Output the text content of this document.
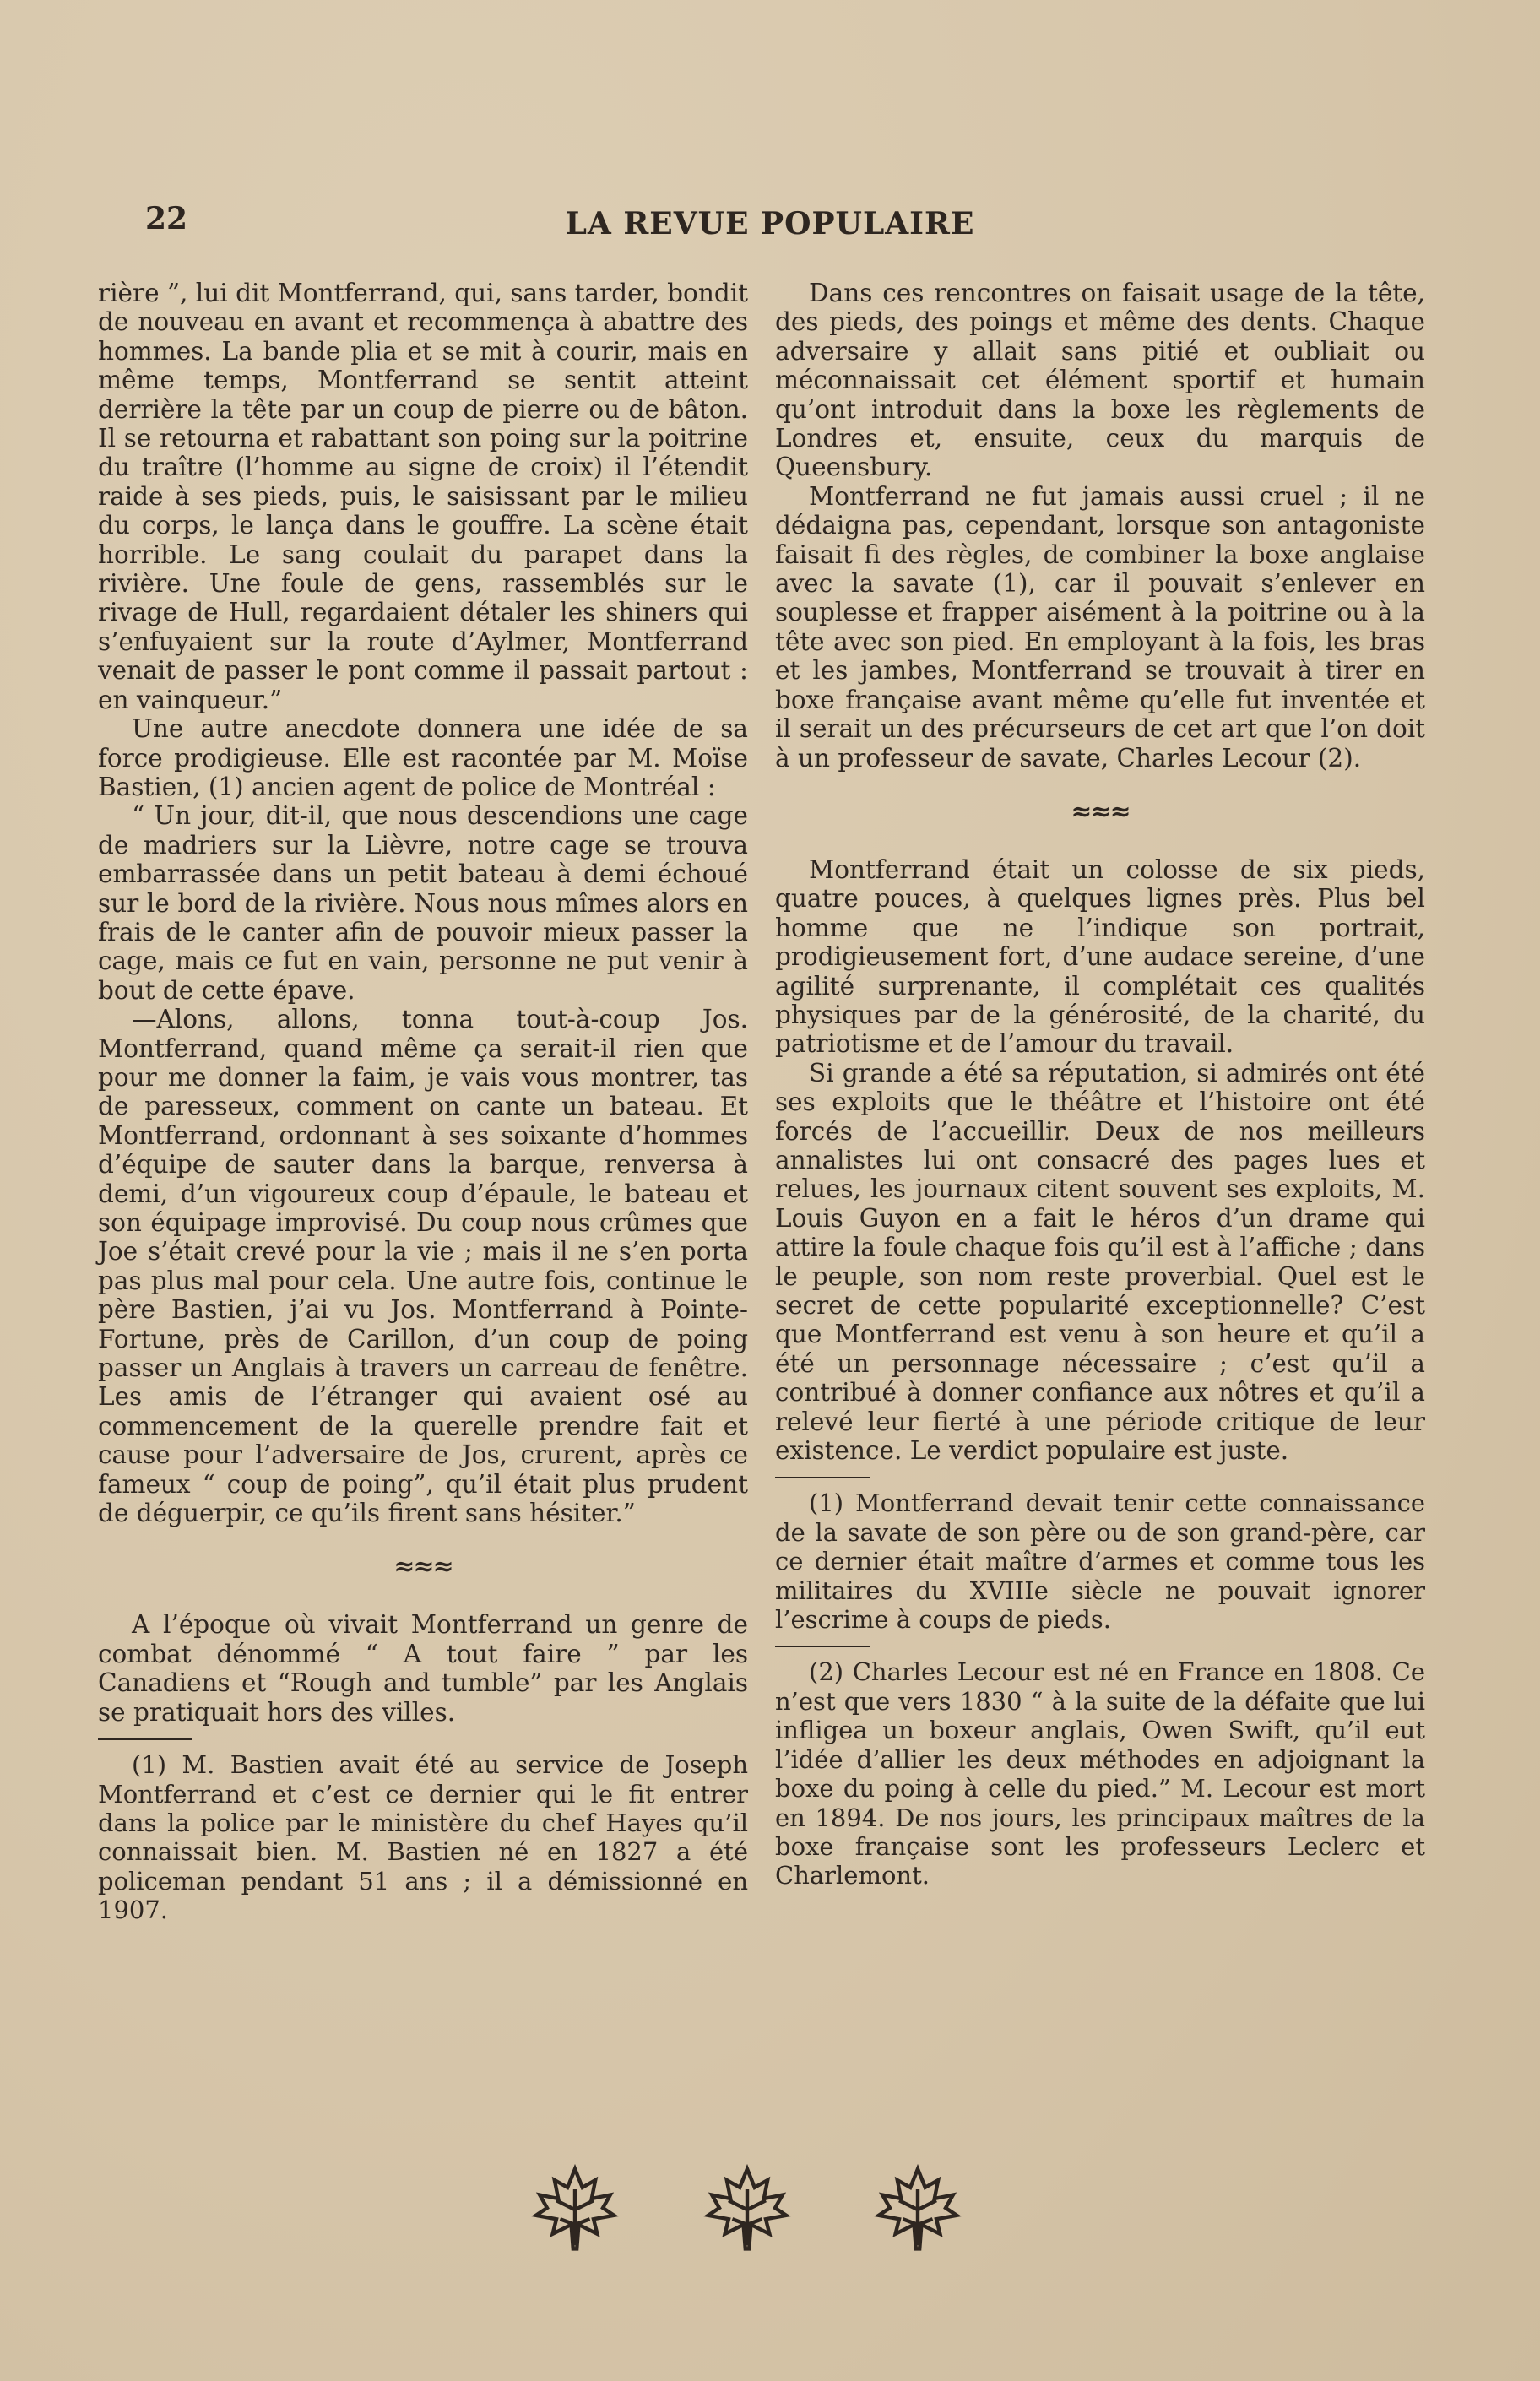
22	LA REVUE POPULAIRE

rière ”, lui dit Montferrand, qui, sans tarder, bondit de nouveau en avant et recommença à abattre des hommes. La bande plia et se mit à courir, mais en même temps, Montferrand se sentit atteint derrière la tête par un coup de pierre ou de bâton. Il se retourna et rabattant son poing sur la poitrine du traître (l’homme au signe de croix) il l’étendit raide à ses pieds, puis, le saisissant par le milieu du corps, le lança dans le gouffre. La scène était horrible. Le sang coulait du parapet dans la rivière. Une foule de gens, rassemblés sur le rivage de Hull, regardaient détaler les shiners qui s’enfuyaient sur la route d’Aylmer, Montferrand venait de passer le pont comme il passait partout : en vainqueur.”

Une autre anecdote donnera une idée de sa force prodigieuse. Elle est racontée par M. Moïse Bastien, (1) ancien agent de police de Montréal :

“ Un jour, dit-il, que nous descendions une cage de madriers sur la Lièvre, notre cage se trouva embarrassée dans un petit bateau à demi échoué sur le bord de la rivière. Nous nous mîmes alors en frais de le canter afin de pouvoir mieux passer la cage, mais ce fut en vain, personne ne put venir à bout de cette épave.

—Alons, allons, tonna tout-à-coup Jos. Montferrand, quand même ça serait-il rien que pour me donner la faim, je vais vous montrer, tas de paresseux, comment on cante un bateau. Et Montferrand, ordonnant à ses soixante d’hommes d’équipe de sauter dans la barque, renversa à demi, d’un vigoureux coup d’épaule, le bateau et son équipage improvisé. Du coup nous crûmes que Joe s’était crevé pour la vie ; mais il ne s’en porta pas plus mal pour cela. Une autre fois, continue le père Bastien, j’ai vu Jos. Montferrand à Pointe-Fortune, près de Carillon, d’un coup de poing passer un Anglais à travers un carreau de fenêtre. Les amis de l’étranger qui avaient osé au commencement de la querelle prendre fait et cause pour l’adversaire de Jos, crurent, après ce fameux “ coup de poing”, qu’il était plus prudent de déguerpir, ce qu’ils firent sans hésiter.”

≈≈≈

A l’époque où vivait Montferrand un genre de combat dénommé “ A tout faire ” par les Canadiens et “Rough and tumble” par les Anglais se pratiquait hors des villes.

(1) M. Bastien avait été au service de Joseph Montferrand et c’est ce dernier qui le fit entrer dans la police par le ministère du chef Hayes qu’il connaissait bien. M. Bastien né en 1827 a été policeman pendant 51 ans ; il a démissionné en 1907.

Dans ces rencontres on faisait usage de la tête, des pieds, des poings et même des dents. Chaque adversaire y allait sans pitié et oubliait ou méconnaissait cet élément sportif et humain qu’ont introduit dans la boxe les règlements de Londres et, ensuite, ceux du marquis de Queensbury.

Montferrand ne fut jamais aussi cruel ; il ne dédaigna pas, cependant, lorsque son antagoniste faisait fi des règles, de combiner la boxe anglaise avec la savate (1), car il pouvait s’enlever en souplesse et frapper aisément à la poitrine ou à la tête avec son pied. En employant à la fois, les bras et les jambes, Montferrand se trouvait à tirer en boxe française avant même qu’elle fut inventée et il serait un des précurseurs de cet art que l’on doit à un professeur de savate, Charles Lecour (2).

≈≈≈

Montferrand était un colosse de six pieds, quatre pouces, à quelques lignes près. Plus bel homme que ne l’indique son portrait, prodigieusement fort, d’une audace sereine, d’une agilité surprenante, il complétait ces qualités physiques par de la générosité, de la charité, du patriotisme et de l’amour du travail.

Si grande a été sa réputation, si admirés ont été ses exploits que le théâtre et l’histoire ont été forcés de l’accueillir. Deux de nos meilleurs annalistes lui ont consacré des pages lues et relues, les journaux citent souvent ses exploits, M. Louis Guyon en a fait le héros d’un drame qui attire la foule chaque fois qu’il est à l’affiche ; dans le peuple, son nom reste proverbial. Quel est le secret de cette popularité exceptionnelle? C’est que Montferrand est venu à son heure et qu’il a été un personnage nécessaire ; c’est qu’il a contribué à donner confiance aux nôtres et qu’il a relevé leur fierté à une période critique de leur existence. Le verdict populaire est juste.

(1) Montferrand devait tenir cette connaissance de la savate de son père ou de son grand-père, car ce dernier était maître d’armes et comme tous les militaires du XVIIIe siècle ne pouvait ignorer l’escrime à coups de pieds.

(2) Charles Lecour est né en France en 1808. Ce n’est que vers 1830 “ à la suite de la défaite que lui infligea un boxeur anglais, Owen Swift, qu’il eut l’idée d’allier les deux méthodes en adjoignant la boxe du poing à celle du pied.” M. Lecour est mort en 1894. De nos jours, les principaux maîtres de la boxe française sont les professeurs Leclerc et Charlemont.
